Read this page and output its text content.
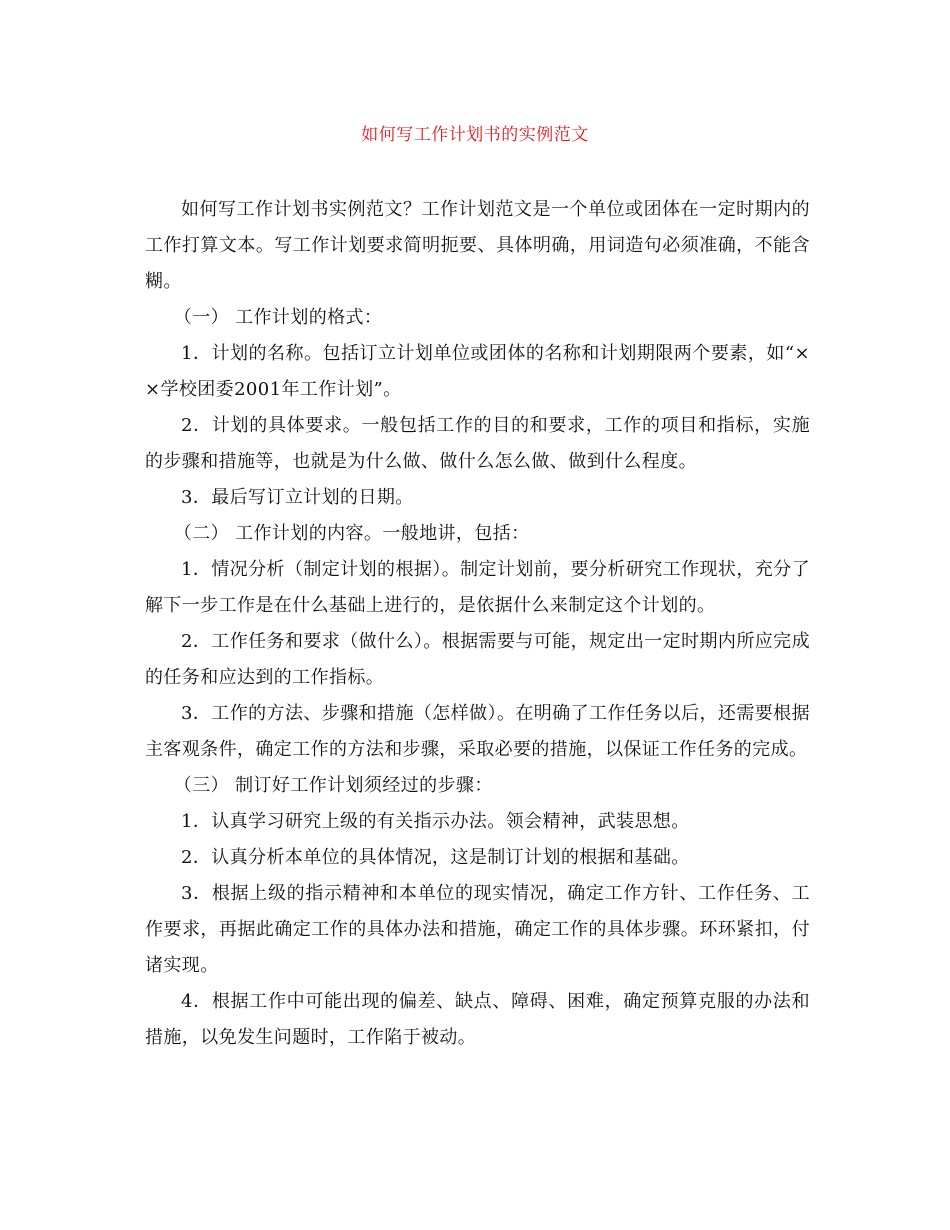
如何写工作计划书的实例范文

如何写工作计划书实例范文？工作计划范文是一个单位或团体在一定时期内的工作打算文本。写工作计划要求简明扼要、具体明确，用词造句必须准确，不能含糊。

（一） 工作计划的格式：

1．计划的名称。包括订立计划单位或团体的名称和计划期限两个要素，如“××学校团委2001年工作计划”。

2．计划的具体要求。一般包括工作的目的和要求，工作的项目和指标，实施的步骤和措施等，也就是为什么做、做什么怎么做、做到什么程度。

3．最后写订立计划的日期。

（二） 工作计划的内容。一般地讲，包括：

1．情况分析（制定计划的根据）。制定计划前，要分析研究工作现状，充分了解下一步工作是在什么基础上进行的，是依据什么来制定这个计划的。

2．工作任务和要求（做什么）。根据需要与可能，规定出一定时期内所应完成的任务和应达到的工作指标。

3．工作的方法、步骤和措施（怎样做）。在明确了工作任务以后，还需要根据主客观条件，确定工作的方法和步骤，采取必要的措施，以保证工作任务的完成。

（三） 制订好工作计划须经过的步骤：

1．认真学习研究上级的有关指示办法。领会精神，武装思想。

2．认真分析本单位的具体情况，这是制订计划的根据和基础。

3．根据上级的指示精神和本单位的现实情况，确定工作方针、工作任务、工作要求，再据此确定工作的具体办法和措施，确定工作的具体步骤。环环紧扣，付诸实现。

4．根据工作中可能出现的偏差、缺点、障碍、困难，确定预算克服的办法和措施，以免发生问题时，工作陷于被动。
